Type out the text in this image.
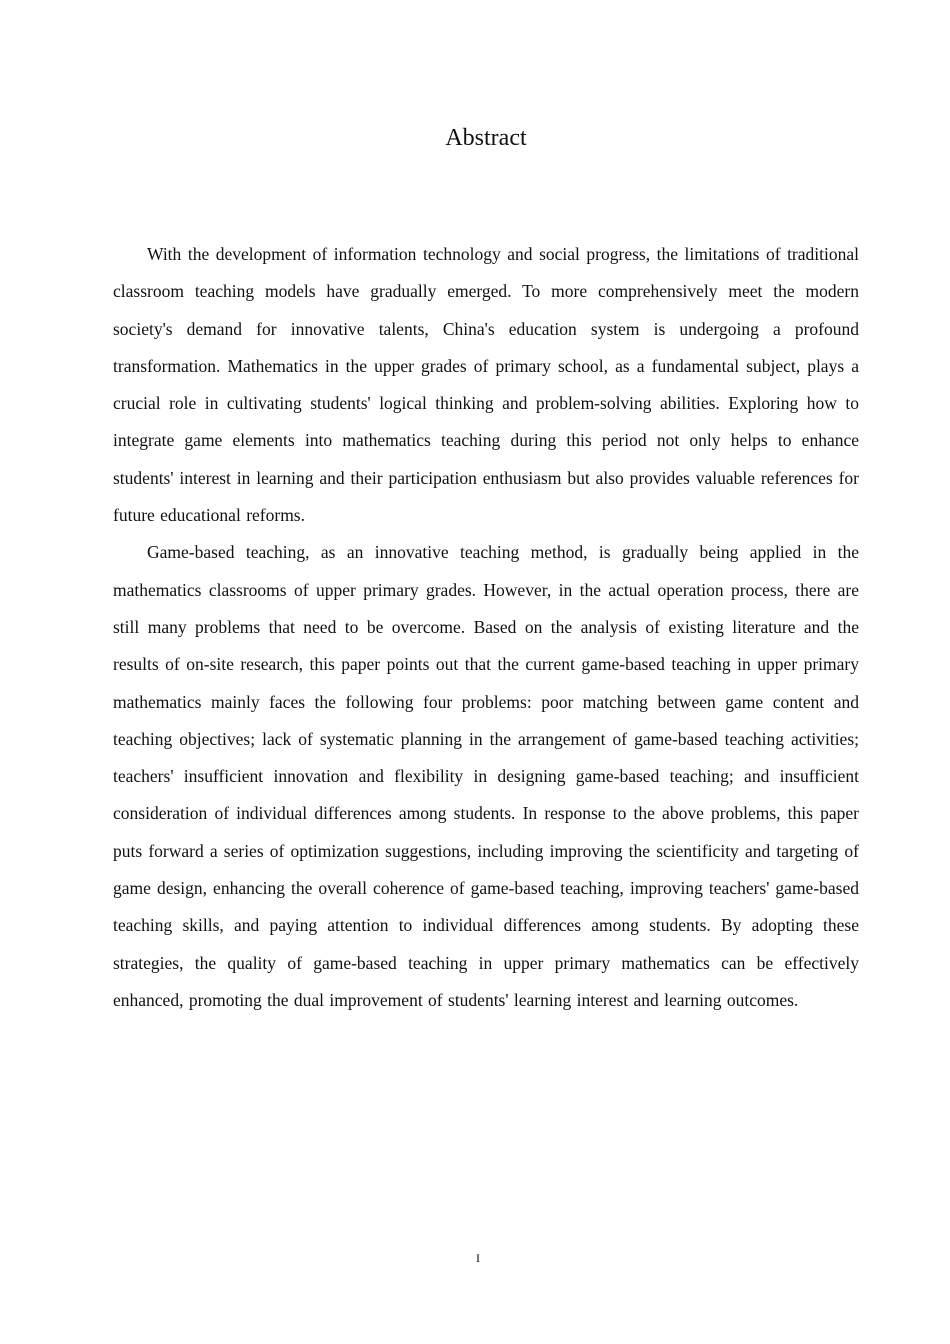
Abstract

With the development of information technology and social progress, the limitations of traditional classroom teaching models have gradually emerged. To more comprehensively meet the modern society's demand for innovative talents, China's education system is undergoing a profound transformation. Mathematics in the upper grades of primary school, as a fundamental subject, plays a crucial role in cultivating students' logical thinking and problem-solving abilities. Exploring how to integrate game elements into mathematics teaching during this period not only helps to enhance students' interest in learning and their participation enthusiasm but also provides valuable references for future educational reforms.

Game-based teaching, as an innovative teaching method, is gradually being applied in the mathematics classrooms of upper primary grades. However, in the actual operation process, there are still many problems that need to be overcome. Based on the analysis of existing literature and the results of on-site research, this paper points out that the current game-based teaching in upper primary mathematics mainly faces the following four problems: poor matching between game content and teaching objectives; lack of systematic planning in the arrangement of game-based teaching activities; teachers' insufficient innovation and flexibility in designing game-based teaching; and insufficient consideration of individual differences among students. In response to the above problems, this paper puts forward a series of optimization suggestions, including improving the scientificity and targeting of game design, enhancing the overall coherence of game-based teaching, improving teachers' game-based teaching skills, and paying attention to individual differences among students. By adopting these strategies, the quality of game-based teaching in upper primary mathematics can be effectively enhanced, promoting the dual improvement of students' learning interest and learning outcomes.

I
